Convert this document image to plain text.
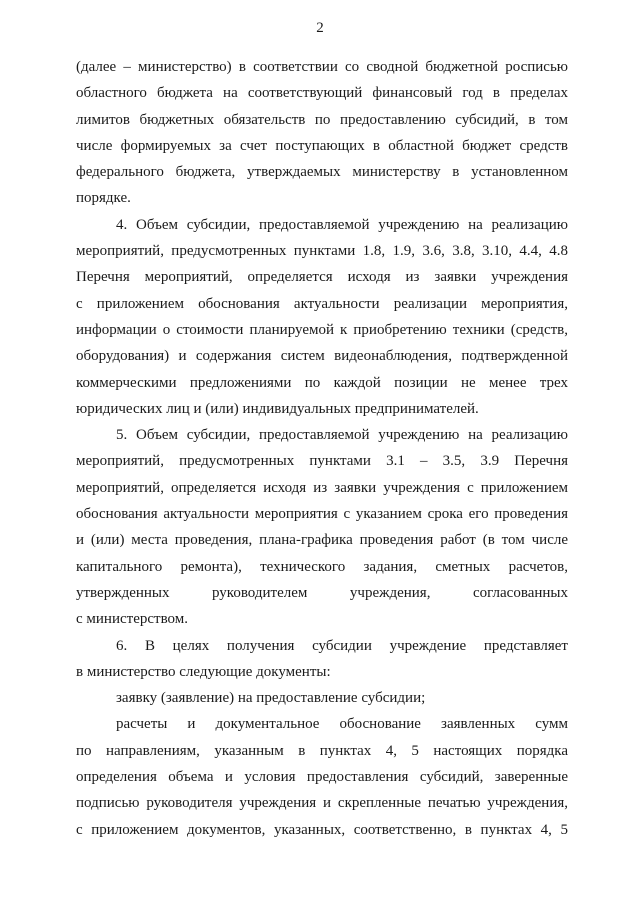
2
(далее – министерство) в соответствии со сводной бюджетной росписью
областного бюджета на соответствующий финансовый год в пределах
лимитов бюджетных обязательств по предоставлению субсидий, в том
числе формируемых за счет поступающих в областной бюджет средств
федерального бюджета, утверждаемых министерству в установленном
порядке.
4. Объем субсидии, предоставляемой учреждению на реализацию
мероприятий, предусмотренных пунктами 1.8, 1.9, 3.6, 3.8, 3.10, 4.4, 4.8
Перечня мероприятий, определяется исходя из заявки учреждения
с приложением обоснования актуальности реализации мероприятия,
информации о стоимости планируемой к приобретению техники (средств,
оборудования) и содержания систем видеонаблюдения, подтвержденной
коммерческими предложениями по каждой позиции не менее трех
юридических лиц и (или) индивидуальных предпринимателей.
5. Объем субсидии, предоставляемой учреждению на реализацию
мероприятий, предусмотренных пунктами 3.1 – 3.5, 3.9 Перечня
мероприятий, определяется исходя из заявки учреждения с приложением
обоснования актуальности мероприятия с указанием срока его проведения
и (или) места проведения, плана-графика проведения работ (в том числе
капитального ремонта), технического задания, сметных расчетов,
утвержденных руководителем учреждения, согласованных
с министерством.
6. В целях получения субсидии учреждение представляет
в министерство следующие документы:
заявку (заявление) на предоставление субсидии;
расчеты и документальное обоснование заявленных сумм
по направлениям, указанным в пунктах 4, 5 настоящих порядка
определения объема и условия предоставления субсидий, заверенные
подписью руководителя учреждения и скрепленные печатью учреждения,
с приложением документов, указанных, соответственно, в пунктах 4, 5
